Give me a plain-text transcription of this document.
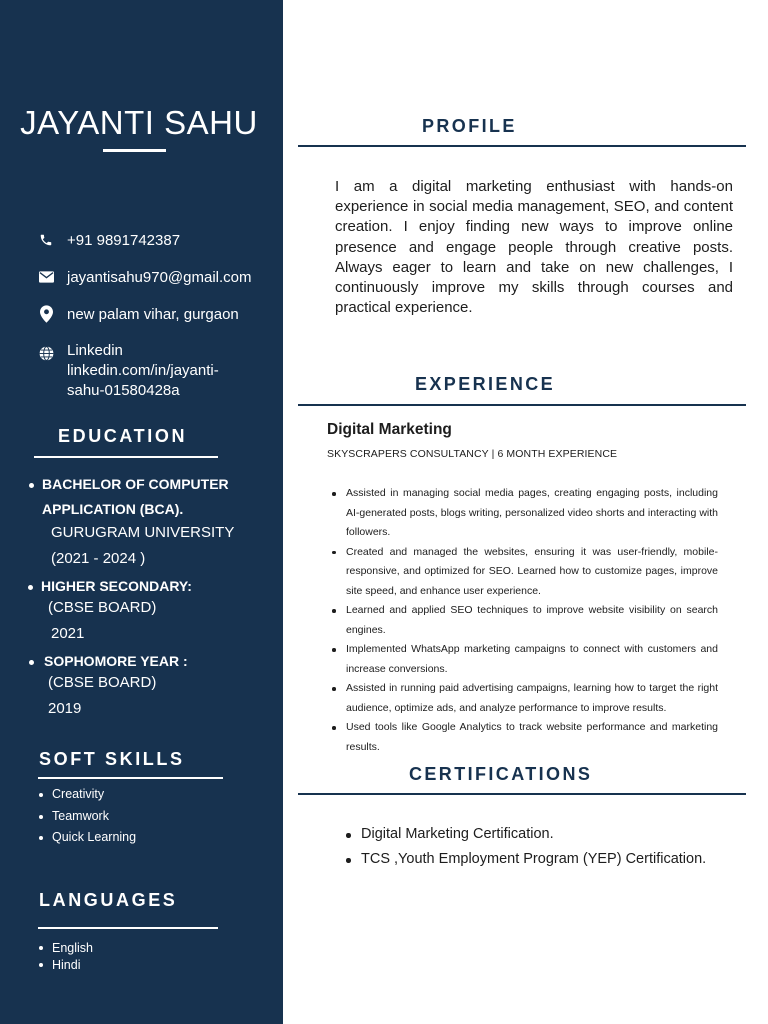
JAYANTI SAHU
+91 9891742387
jayantisahu970@gmail.com
new palam vihar, gurgaon
Linkedin
linkedin.com/in/jayanti-
sahu-01580428a
EDUCATION
BACHELOR OF COMPUTER
APPLICATION (BCA).
GURUGRAM UNIVERSITY
(2021 - 2024 )
HIGHER SECONDARY:
(CBSE BOARD)
2021
SOPHOMORE YEAR :
(CBSE BOARD)
2019
SOFT SKILLS
Creativity
Teamwork
Quick Learning
LANGUAGES
English
Hindi
PROFILE

I am a digital marketing enthusiast with hands-on experience in social media management, SEO, and content creation. I enjoy finding new ways to improve online presence and engage people through creative posts. Always eager to learn and take on new challenges, I continuously improve my skills through courses and practical experience.

EXPERIENCE
Digital Marketing
SKYSCRAPERS CONSULTANCY | 6 MONTH EXPERIENCE
Assisted in managing social media pages, creating engaging posts, including AI-generated posts, blogs writing, personalized video shorts and interacting with followers.
Created and managed the websites, ensuring it was user-friendly, mobile-responsive, and optimized for SEO. Learned how to customize pages, improve site speed, and enhance user experience.
Learned and applied SEO techniques to improve website visibility on search engines.
Implemented WhatsApp marketing campaigns to connect with customers and increase conversions.
Assisted in running paid advertising campaigns, learning how to target the right audience, optimize ads, and analyze performance to improve results.
Used tools like Google Analytics to track website performance and marketing results.
CERTIFICATIONS
Digital Marketing Certification.
TCS ,Youth Employment Program (YEP) Certification.
